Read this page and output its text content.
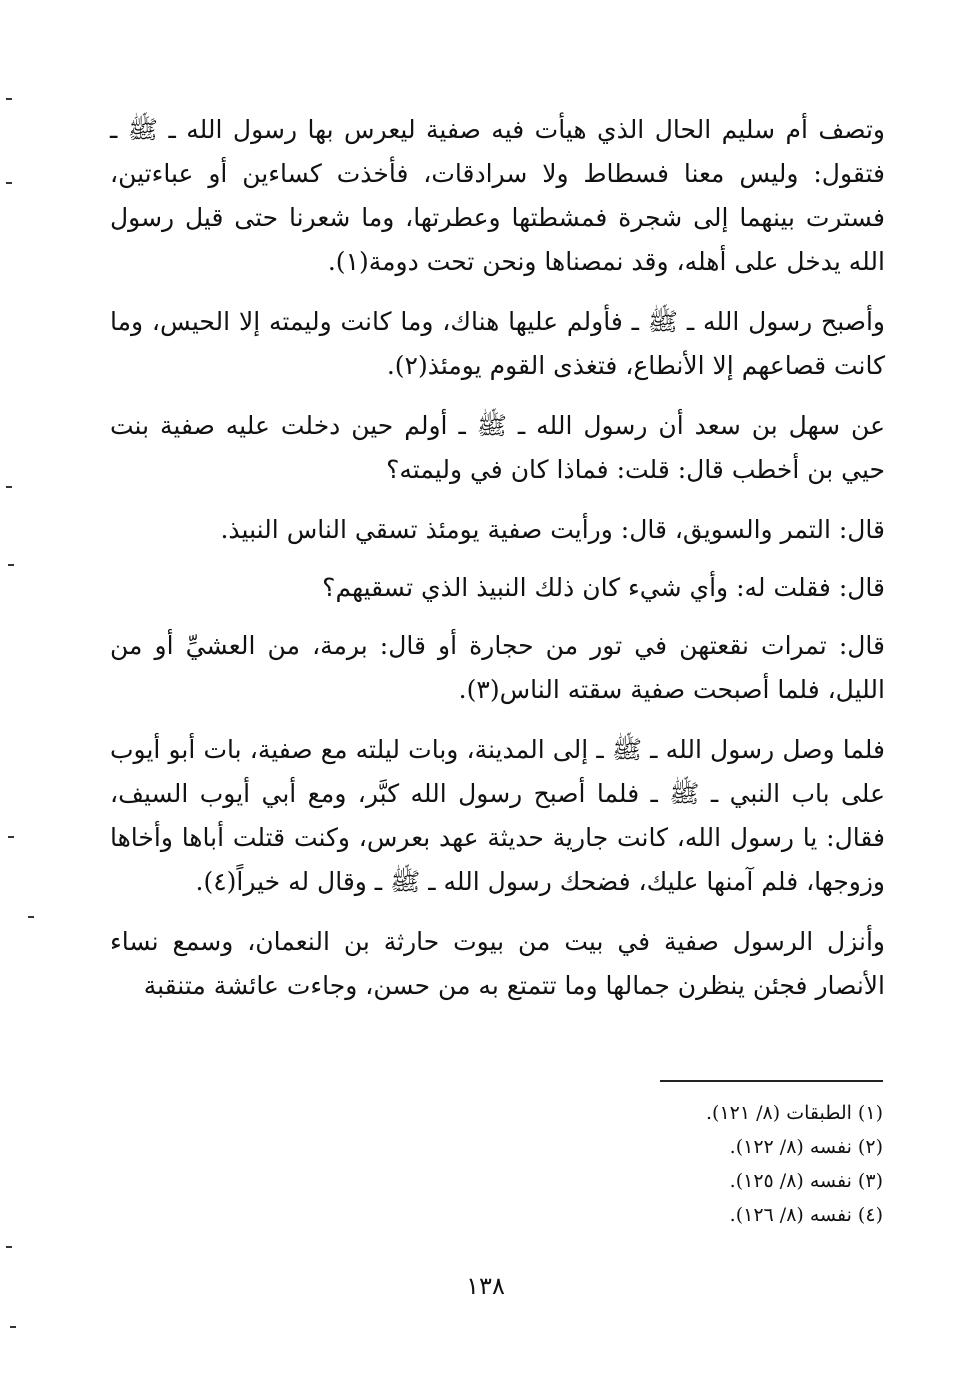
وتصف أم سليم الحال الذي هيأت فيه صفية ليعرس بها رسول الله ـ ﷺ ـ فتقول: وليس معنا فسطاط ولا سرادقات، فأخذت كساءين أو عباءتين، فسترت بينهما إلى شجرة فمشطتها وعطرتها، وما شعرنا حتى قيل رسول الله يدخل على أهله، وقد نمصناها ونحن تحت دومة(١).

وأصبح رسول الله ـ ﷺ ـ فأولم عليها هناك، وما كانت وليمته إلا الحيس، وما كانت قصاعهم إلا الأنطاع، فتغذى القوم يومئذ(٢).

عن سهل بن سعد أن رسول الله ـ ﷺ ـ أولم حين دخلت عليه صفية بنت حيي بن أخطب قال: قلت: فماذا كان في وليمته؟

قال: التمر والسويق، قال: ورأيت صفية يومئذ تسقي الناس النبيذ.

قال: فقلت له: وأي شيء كان ذلك النبيذ الذي تسقيهم؟

قال: تمرات نقعتهن في تور من حجارة أو قال: برمة، من العشيِّ أو من الليل، فلما أصبحت صفية سقته الناس(٣).

فلما وصل رسول الله ـ ﷺ ـ إلى المدينة، وبات ليلته مع صفية، بات أبو أيوب على باب النبي ـ ﷺ ـ فلما أصبح رسول الله كبَّر، ومع أبي أيوب السيف، فقال: يا رسول الله، كانت جارية حديثة عهد بعرس، وكنت قتلت أباها وأخاها وزوجها، فلم آمنها عليك، فضحك رسول الله ـ ﷺ ـ وقال له خيراً(٤).

وأنزل الرسول صفية في بيت من بيوت حارثة بن النعمان، وسمع نساء الأنصار فجئن ينظرن جمالها وما تتمتع به من حسن، وجاءت عائشة متنقبة

(١) الطبقات (٨/ ١٢١).

(٢) نفسه (٨/ ١٢٢).

(٣) نفسه (٨/ ١٢٥).

(٤) نفسه (٨/ ١٢٦).

١٣٨
